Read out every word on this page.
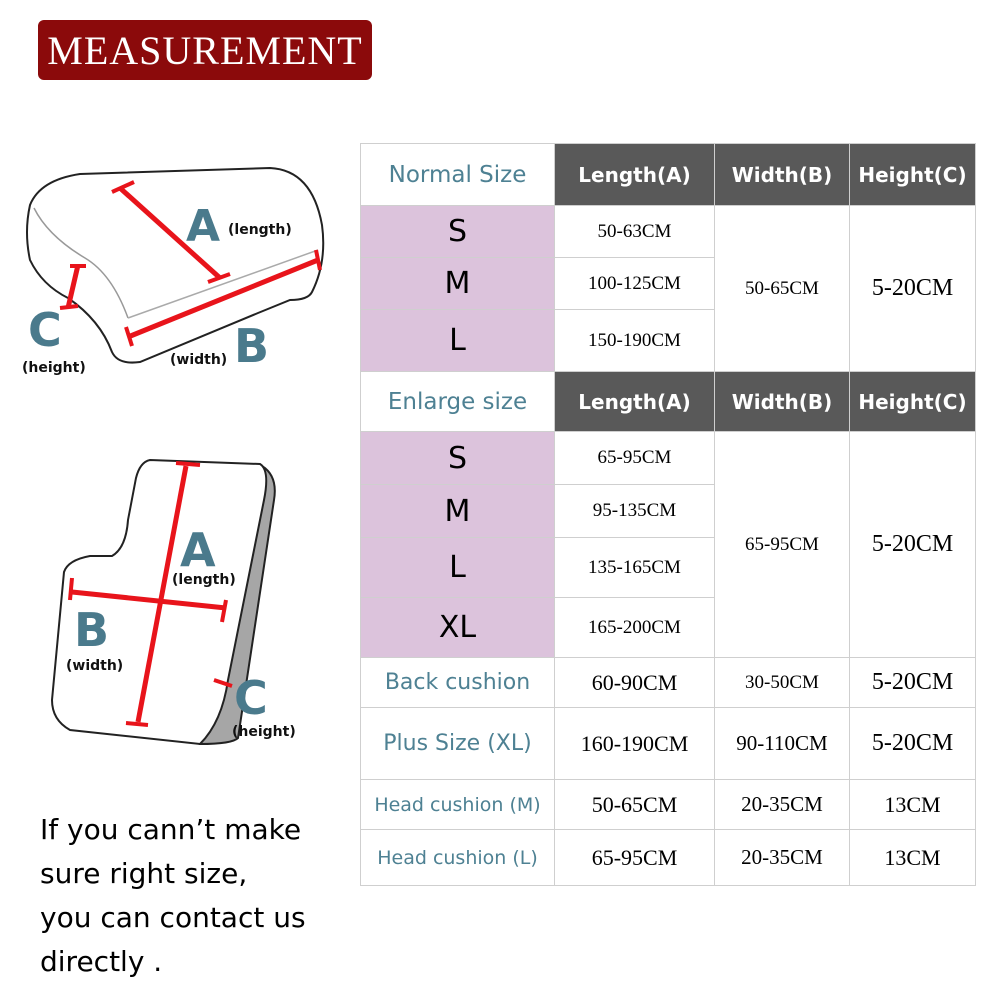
MEASUREMENT
A (length)
B
(width)
C
(height)
A
(length)
B
(width)
C
(height)
Normal Size	Length(A)	Width(B)	Height(C)
S	50-63CM	50-65CM	5-20CM
M	100-125CM		
L	150-190CM		
Enlarge size	Length(A)	Width(B)	Height(C)
S	65-95CM	65-95CM	5-20CM
M	95-135CM		
L	135-165CM		
XL	165-200CM		
Back cushion	60-90CM	30-50CM	5-20CM
Plus Size (XL)	160-190CM	90-110CM	5-20CM
Head cushion (M)	50-65CM	20-35CM	13CM
Head cushion (L)	65-95CM	20-35CM	13CM
If you cann’t make
sure right size,
you can contact us
directly .
